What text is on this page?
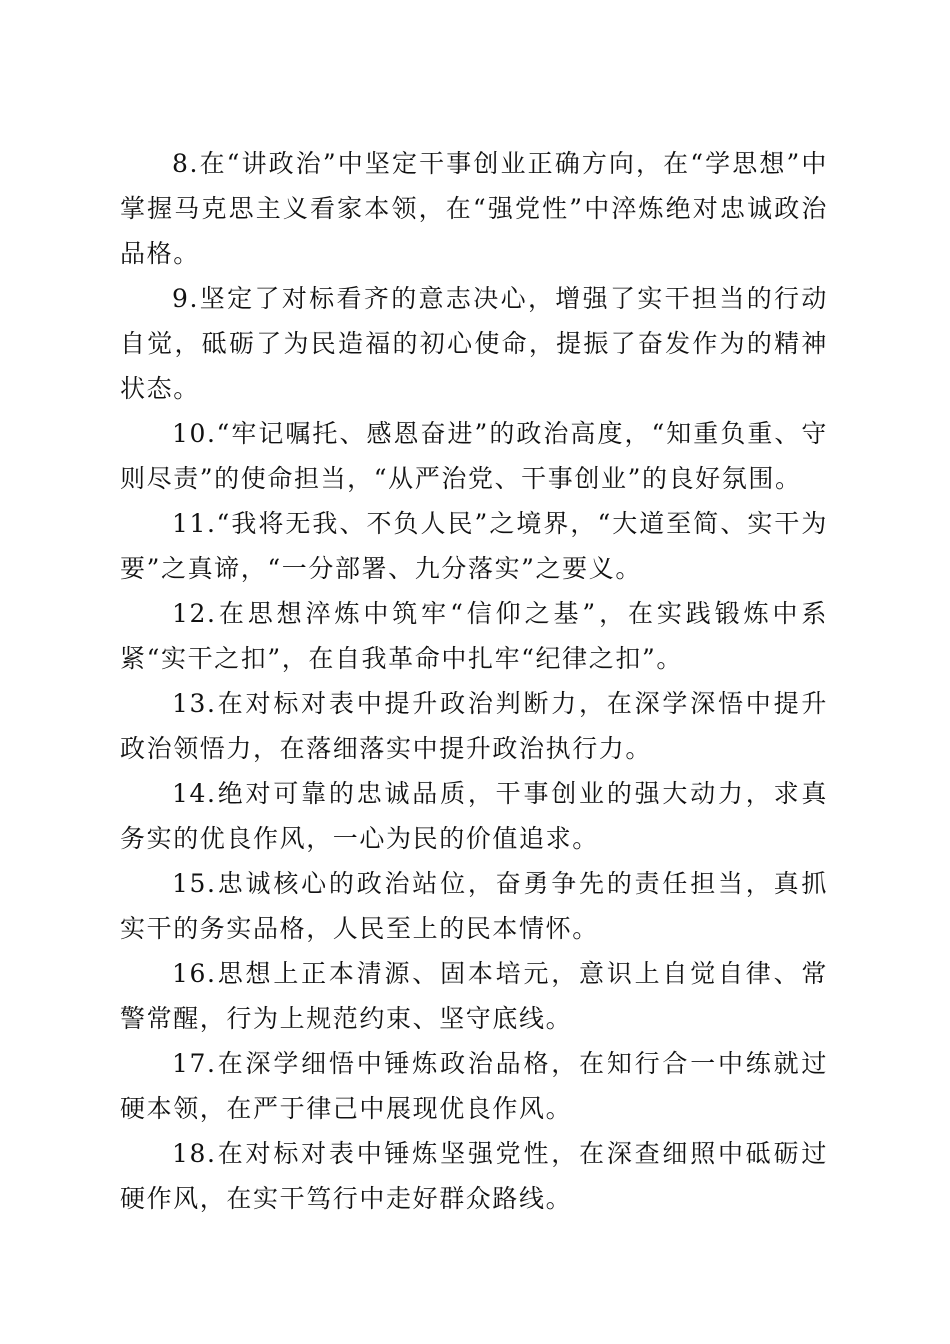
8.在“讲政治”中坚定干事创业正确方向，在“学思想”中掌握马克思主义看家本领，在“强党性”中淬炼绝对忠诚政治品格。

9.坚定了对标看齐的意志决心，增强了实干担当的行动自觉，砥砺了为民造福的初心使命，提振了奋发作为的精神状态。

10.“牢记嘱托、感恩奋进”的政治高度，“知重负重、守则尽责”的使命担当，“从严治党、干事创业”的良好氛围。

11.“我将无我、不负人民”之境界，“大道至简、实干为要”之真谛，“一分部署、九分落实”之要义。

12.在思想淬炼中筑牢“信仰之基”，在实践锻炼中系紧“实干之扣”，在自我革命中扎牢“纪律之扣”。

13.在对标对表中提升政治判断力，在深学深悟中提升政治领悟力，在落细落实中提升政治执行力。

14.绝对可靠的忠诚品质，干事创业的强大动力，求真务实的优良作风，一心为民的价值追求。

15.忠诚核心的政治站位，奋勇争先的责任担当，真抓实干的务实品格，人民至上的民本情怀。

16.思想上正本清源、固本培元，意识上自觉自律、常警常醒，行为上规范约束、坚守底线。

17.在深学细悟中锤炼政治品格，在知行合一中练就过硬本领，在严于律己中展现优良作风。

18.在对标对表中锤炼坚强党性，在深查细照中砥砺过硬作风，在实干笃行中走好群众路线。
